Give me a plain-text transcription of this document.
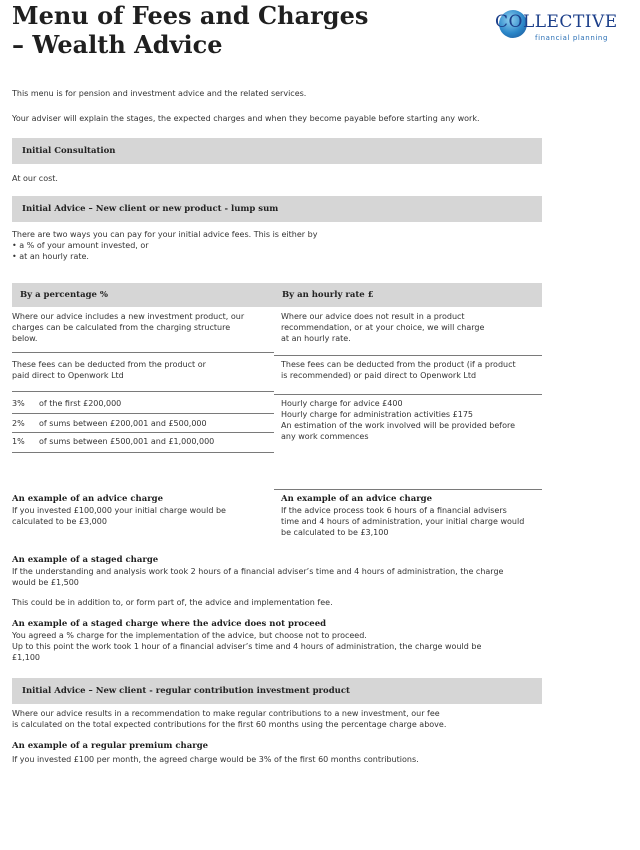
Menu of Fees and Charges
– Wealth Advice
COLLECTIVE
financial planning
This menu is for pension and investment advice and the related services.
Your adviser will explain the stages, the expected charges and when they become payable before starting any work.
Initial Consultation
At our cost.
Initial Advice – New client or new product - lump sum
There are two ways you can pay for your initial advice fees. This is either by
• a % of your amount invested, or
• at an hourly rate.
By a percentage %	By an hourly rate £
Where our advice includes a new investment product, our
charges can be calculated from the charging structure
below.
These fees can be deducted from the product or
paid direct to Openwork Ltd
3% of the first £200,000
2% of sums between £200,001 and £500,000
1% of sums between £500,001 and £1,000,000
An example of an advice charge
If you invested £100,000 your initial charge would be
calculated to be £3,000
Where our advice does not result in a product
recommendation, or at your choice, we will charge
at an hourly rate.
These fees can be deducted from the product (if a product
is recommended) or paid direct to Openwork Ltd
Hourly charge for advice £400
Hourly charge for administration activities £175
An estimation of the work involved will be provided before
any work commences
An example of an advice charge
If the advice process took 6 hours of a financial advisers
time and 4 hours of administration, your initial charge would
be calculated to be £3,100
An example of a staged charge
If the understanding and analysis work took 2 hours of a financial adviser’s time and 4 hours of administration, the charge
would be £1,500
This could be in addition to, or form part of, the advice and implementation fee.
An example of a staged charge where the advice does not proceed
You agreed a % charge for the implementation of the advice, but choose not to proceed.
Up to this point the work took 1 hour of a financial adviser’s time and 4 hours of administration, the charge would be
£1,100
Initial Advice – New client - regular contribution investment product
Where our advice results in a recommendation to make regular contributions to a new investment, our fee
is calculated on the total expected contributions for the first 60 months using the percentage charge above.
An example of a regular premium charge
If you invested £100 per month, the agreed charge would be 3% of the first 60 months contributions.
